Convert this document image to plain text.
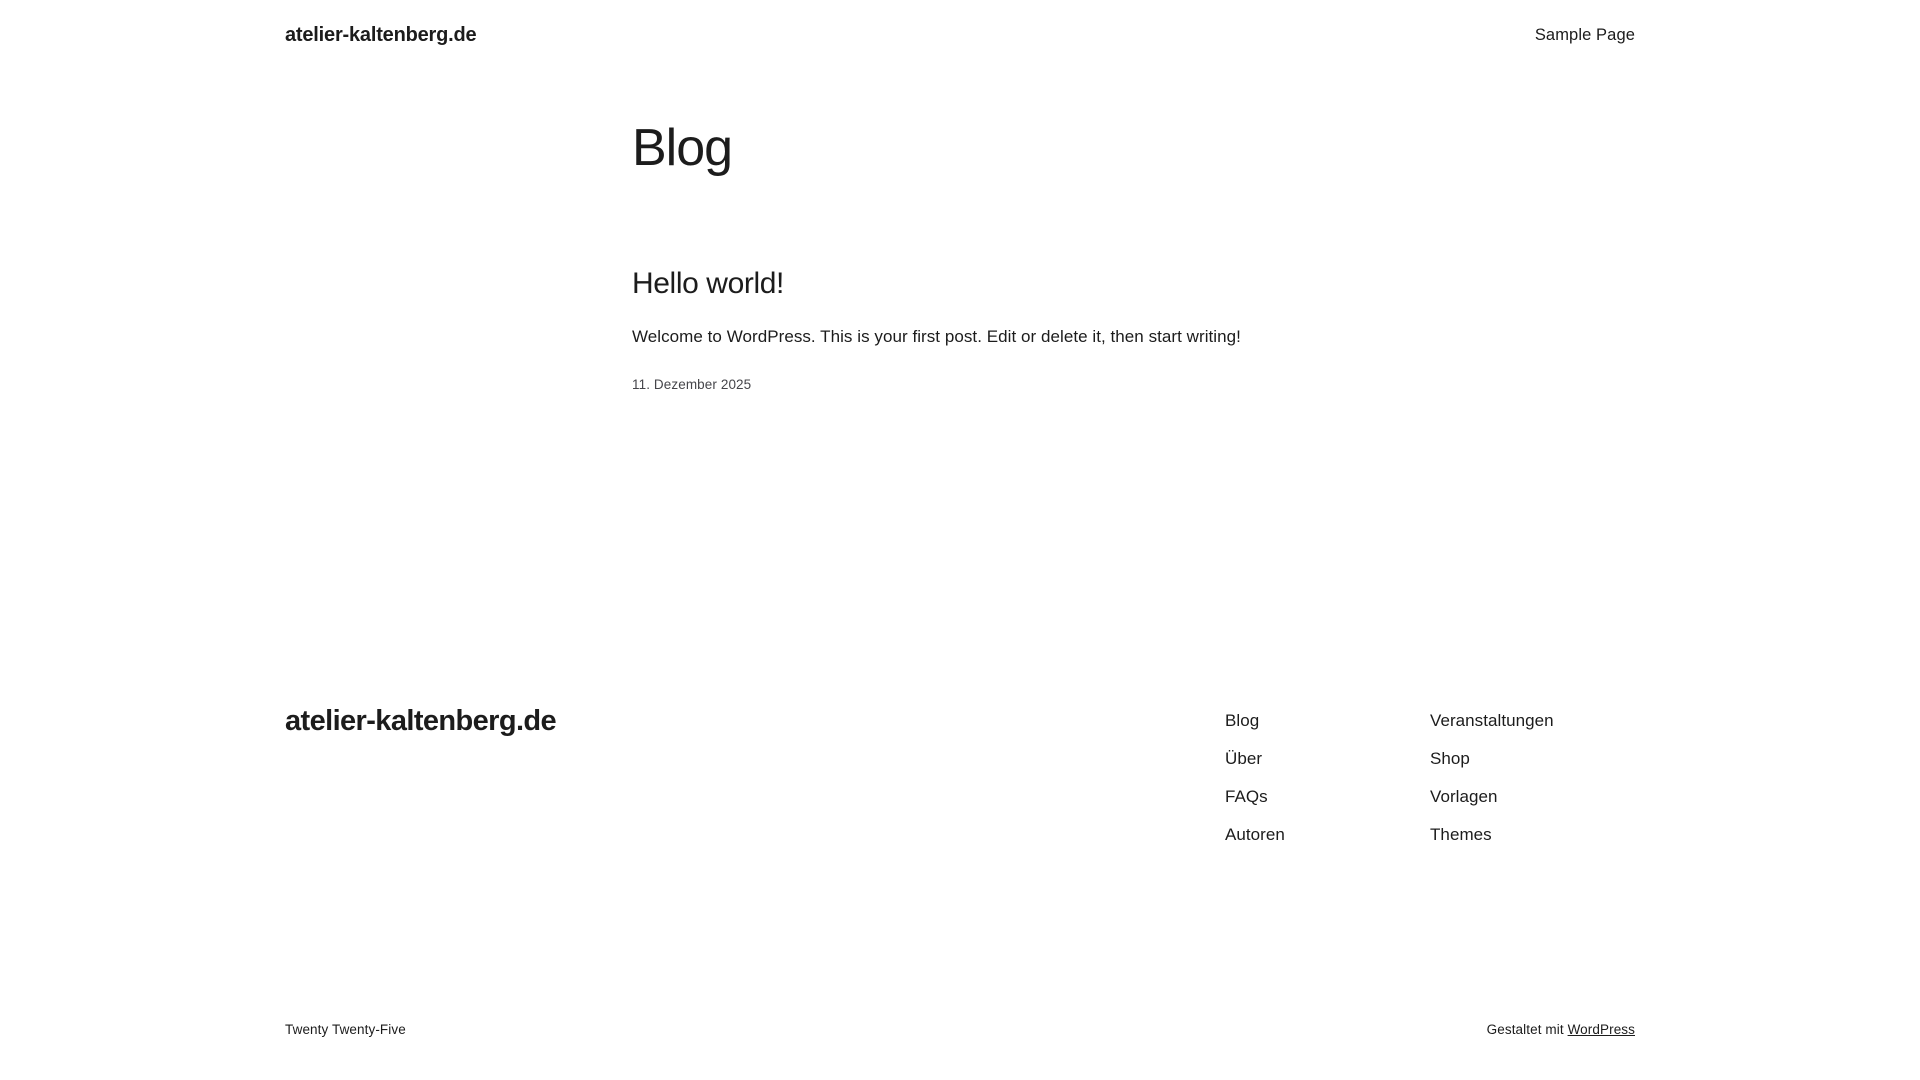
atelier-kaltenberg.de	Sample Page
Blog
Hello world!

Welcome to WordPress. This is your first post. Edit or delete it, then start writing!

11. Dezember 2025
atelier-kaltenberg.de	Blog
Über
FAQs
Autoren
Veranstaltungen
Shop
Vorlagen
Themes
Twenty Twenty-Five	Gestaltet mit WordPress
